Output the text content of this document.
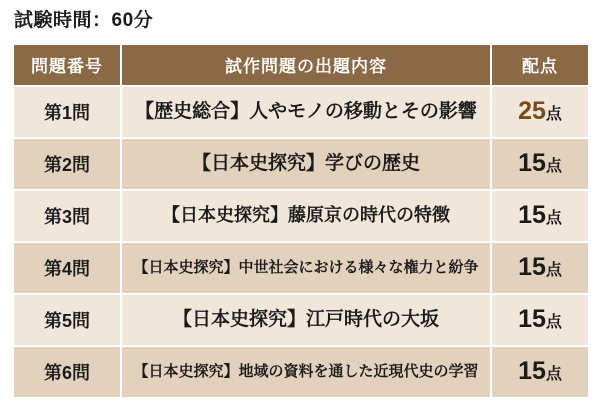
試験時間：60分
問題番号	試作問題の出題内容	配点
第1問	【歴史総合】人やモノの移動とその影響	25点
第2問	【日本史探究】学びの歴史	15点
第3問	【日本史探究】藤原京の時代の特徴	15点
第4問	【日本史探究】中世社会における様々な権力と紛争	15点
第5問	【日本史探究】江戸時代の大坂	15点
第6問	【日本史探究】地域の資料を通した近現代史の学習	15点
